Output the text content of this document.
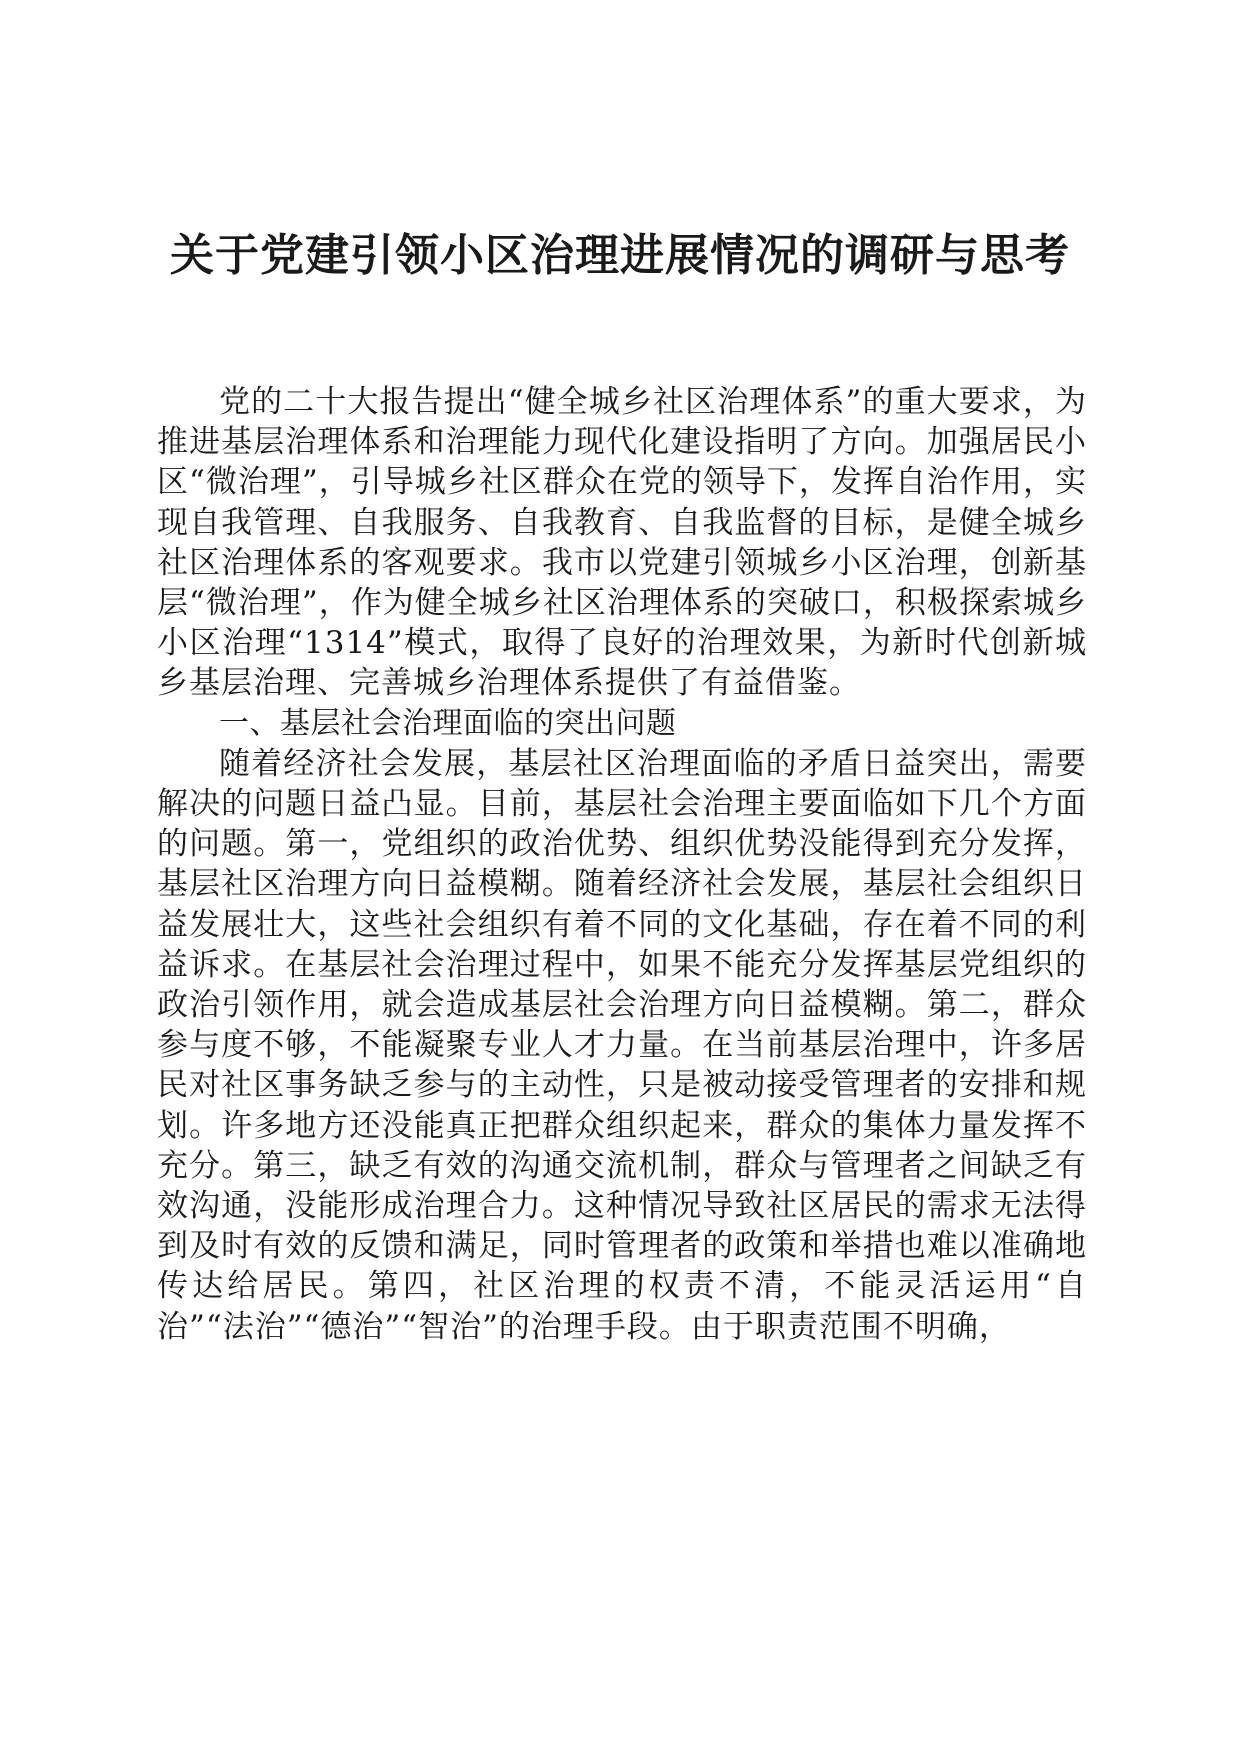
关于党建引领小区治理进展情况的调研与思考

党的二十大报告提出“健全城乡社区治理体系”的重大要求，为推进基层治理体系和治理能力现代化建设指明了方向。加强居民小区“微治理”，引导城乡社区群众在党的领导下，发挥自治作用，实现自我管理、自我服务、自我教育、自我监督的目标，是健全城乡社区治理体系的客观要求。我市以党建引领城乡小区治理，创新基层“微治理”，作为健全城乡社区治理体系的突破口，积极探索城乡小区治理“1314”模式，取得了良好的治理效果，为新时代创新城乡基层治理、完善城乡治理体系提供了有益借鉴。

一、基层社会治理面临的突出问题

随着经济社会发展，基层社区治理面临的矛盾日益突出，需要解决的问题日益凸显。目前，基层社会治理主要面临如下几个方面的问题。第一，党组织的政治优势、组织优势没能得到充分发挥，基层社区治理方向日益模糊。随着经济社会发展，基层社会组织日益发展壮大，这些社会组织有着不同的文化基础，存在着不同的利益诉求。在基层社会治理过程中，如果不能充分发挥基层党组织的政治引领作用，就会造成基层社会治理方向日益模糊。第二，群众参与度不够，不能凝聚专业人才力量。在当前基层治理中，许多居民对社区事务缺乏参与的主动性，只是被动接受管理者的安排和规划。许多地方还没能真正把群众组织起来，群众的集体力量发挥不充分。第三，缺乏有效的沟通交流机制，群众与管理者之间缺乏有效沟通，没能形成治理合力。这种情况导致社区居民的需求无法得到及时有效的反馈和满足，同时管理者的政策和举措也难以准确地传达给居民。第四，社区治理的权责不清，不能灵活运用“自治”“法治”“德治”“智治”的治理手段。由于职责范围不明确，
